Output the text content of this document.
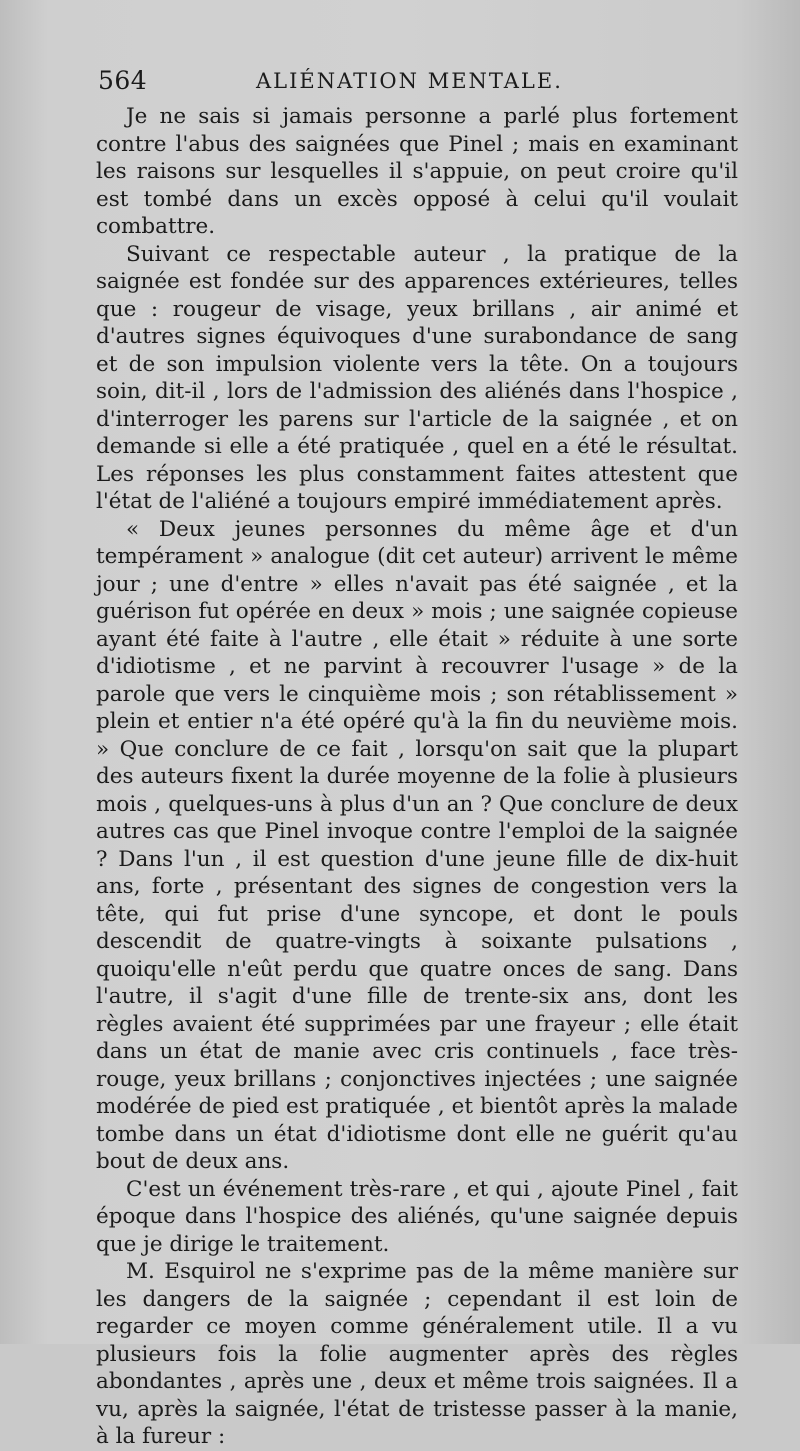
564	ALIÉNATION MENTALE.

Je ne sais si jamais personne a parlé plus fortement contre l'abus des saignées que Pinel ; mais en examinant les raisons sur lesquelles il s'appuie, on peut croire qu'il est tombé dans un excès opposé à celui qu'il voulait combattre.

Suivant ce respectable auteur , la pratique de la saignée est fondée sur des apparences extérieures, telles que : rougeur de visage, yeux brillans , air animé et d'autres signes équivoques d'une surabondance de sang et de son impulsion violente vers la tête. On a toujours soin, dit-il , lors de l'admission des aliénés dans l'hospice , d'interroger les parens sur l'article de la saignée , et on demande si elle a été pratiquée , quel en a été le résultat. Les réponses les plus constamment faites attestent que l'état de l'aliéné a toujours empiré immédiatement après.

« Deux jeunes personnes du même âge et d'un tempérament » analogue (dit cet auteur) arrivent le même jour ; une d'entre » elles n'avait pas été saignée , et la guérison fut opérée en deux » mois ; une saignée copieuse ayant été faite à l'autre , elle était » réduite à une sorte d'idiotisme , et ne parvint à recouvrer l'usage » de la parole que vers le cinquième mois ; son rétablissement » plein et entier n'a été opéré qu'à la fin du neuvième mois. » Que conclure de ce fait , lorsqu'on sait que la plupart des auteurs fixent la durée moyenne de la folie à plusieurs mois , quelques-uns à plus d'un an ? Que conclure de deux autres cas que Pinel invoque contre l'emploi de la saignée ? Dans l'un , il est question d'une jeune fille de dix-huit ans, forte , présentant des signes de congestion vers la tête, qui fut prise d'une syncope, et dont le pouls descendit de quatre-vingts à soixante pulsations , quoiqu'elle n'eût perdu que quatre onces de sang. Dans l'autre, il s'agit d'une fille de trente-six ans, dont les règles avaient été supprimées par une frayeur ; elle était dans un état de manie avec cris continuels , face très-rouge, yeux brillans ; conjonctives injectées ; une saignée modérée de pied est pratiquée , et bientôt après la malade tombe dans un état d'idiotisme dont elle ne guérit qu'au bout de deux ans.

C'est un événement très-rare , et qui , ajoute Pinel , fait époque dans l'hospice des aliénés, qu'une saignée depuis que je dirige le traitement.

M. Esquirol ne s'exprime pas de la même manière sur les dangers de la saignée ; cependant il est loin de regarder ce moyen comme généralement utile. Il a vu plusieurs fois la folie augmenter après des règles abondantes , après une , deux et même trois saignées. Il a vu, après la saignée, l'état de tristesse passer à la manie, à la fureur :
